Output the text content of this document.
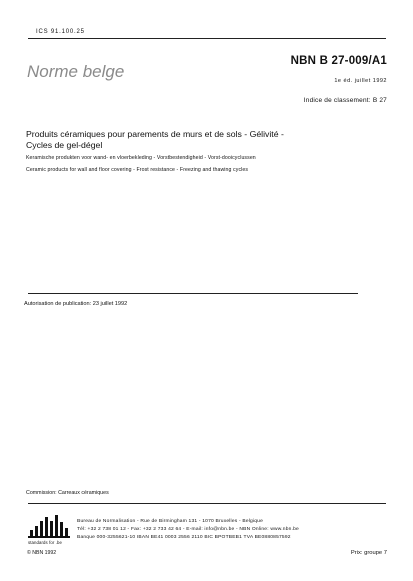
ICS 91.100.25
Norme belge
NBN B 27-009/A1
1e éd. juillet 1992
Indice de classement: B 27
Produits céramiques pour parements de murs et de sols - Gélivité -
Cycles de gel-dégel
Keramische produkten voor wand- en vloerbekleding - Vorstbestendigheid - Vorst-dooicyclussen
Ceramic products for wall and floor covering - Frost resistance - Freezing and thawing cycles
Autorisation de publication: 23 juillet 1992
Commission: Carreaux céramiques
standards for .be
Bureau de Normalisation - Rue de Birmingham 131 - 1070 Bruxelles - Belgique
Tél: +32 2 738 01 12 - Fax: +32 2 733 42 64 - E-mail: info@nbn.be - NBN Online: www.nbn.be
Banque 000-3255621-10 IBAN BE41 0003 2556 2110 BIC BPOTBEB1 TVA BE0880857592
© NBN 1992	Prix: groupe 7
